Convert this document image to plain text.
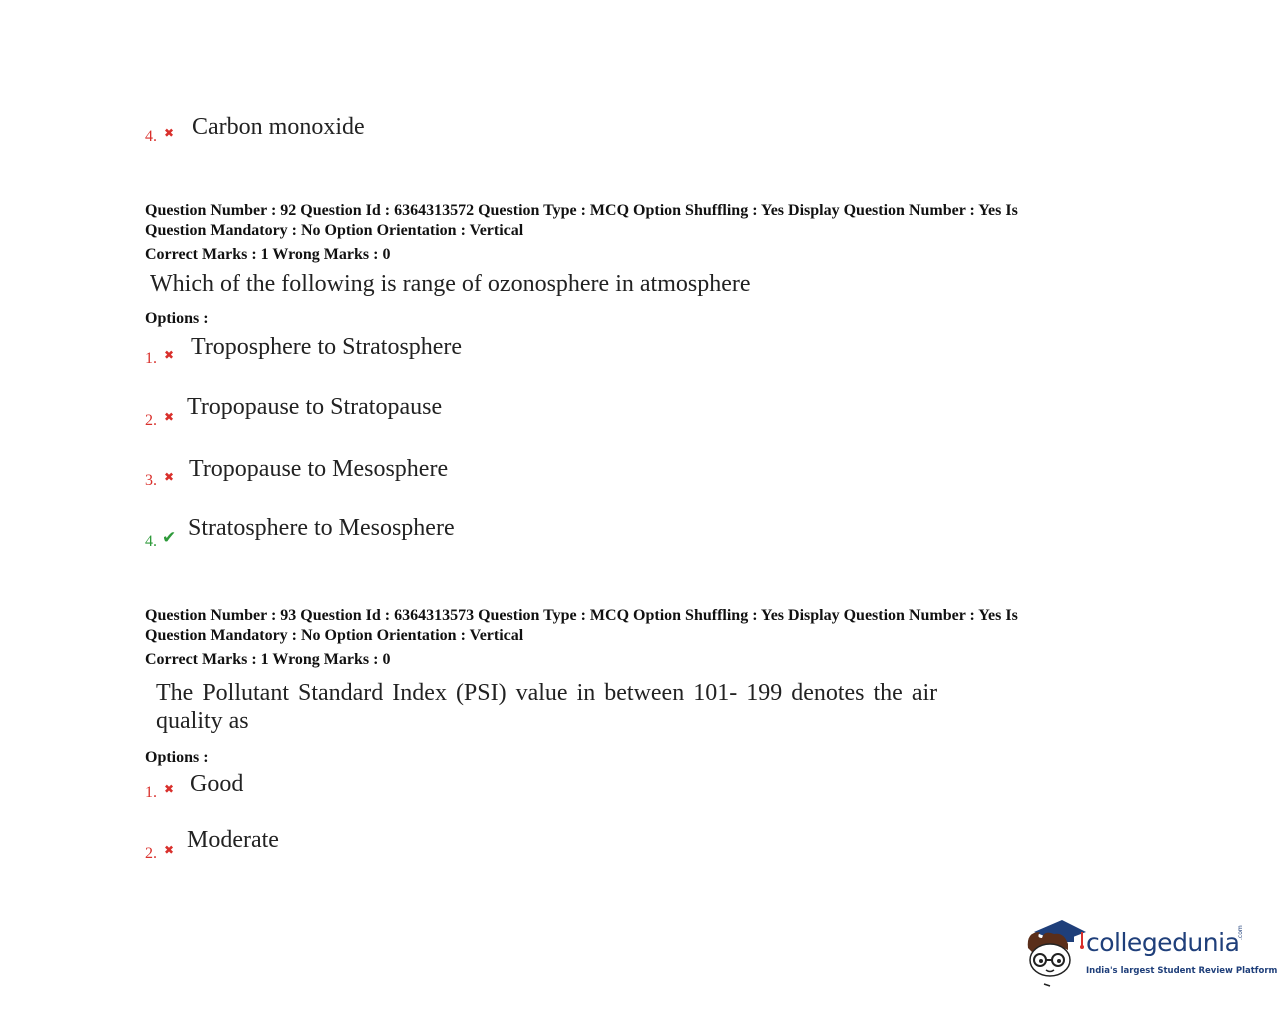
4. ✖ Carbon monoxide
Question Number : 92 Question Id : 6364313572 Question Type : MCQ Option Shuffling : Yes Display Question Number : Yes Is
Question Mandatory : No Option Orientation : Vertical
Correct Marks : 1 Wrong Marks : 0
Which of the following is range of ozonosphere in atmosphere
Options :
1. ✖ Troposphere to Stratosphere
2. ✖ Tropopause to Stratopause
3. ✖ Tropopause to Mesosphere
4. ✔ Stratosphere to Mesosphere
Question Number : 93 Question Id : 6364313573 Question Type : MCQ Option Shuffling : Yes Display Question Number : Yes Is
Question Mandatory : No Option Orientation : Vertical
Correct Marks : 1 Wrong Marks : 0
The Pollutant Standard Index (PSI) value in between 101- 199 denotes the air
quality as
Options :
1. ✖ Good
2. ✖ Moderate
collegedunia
.com
India's largest Student Review Platform
